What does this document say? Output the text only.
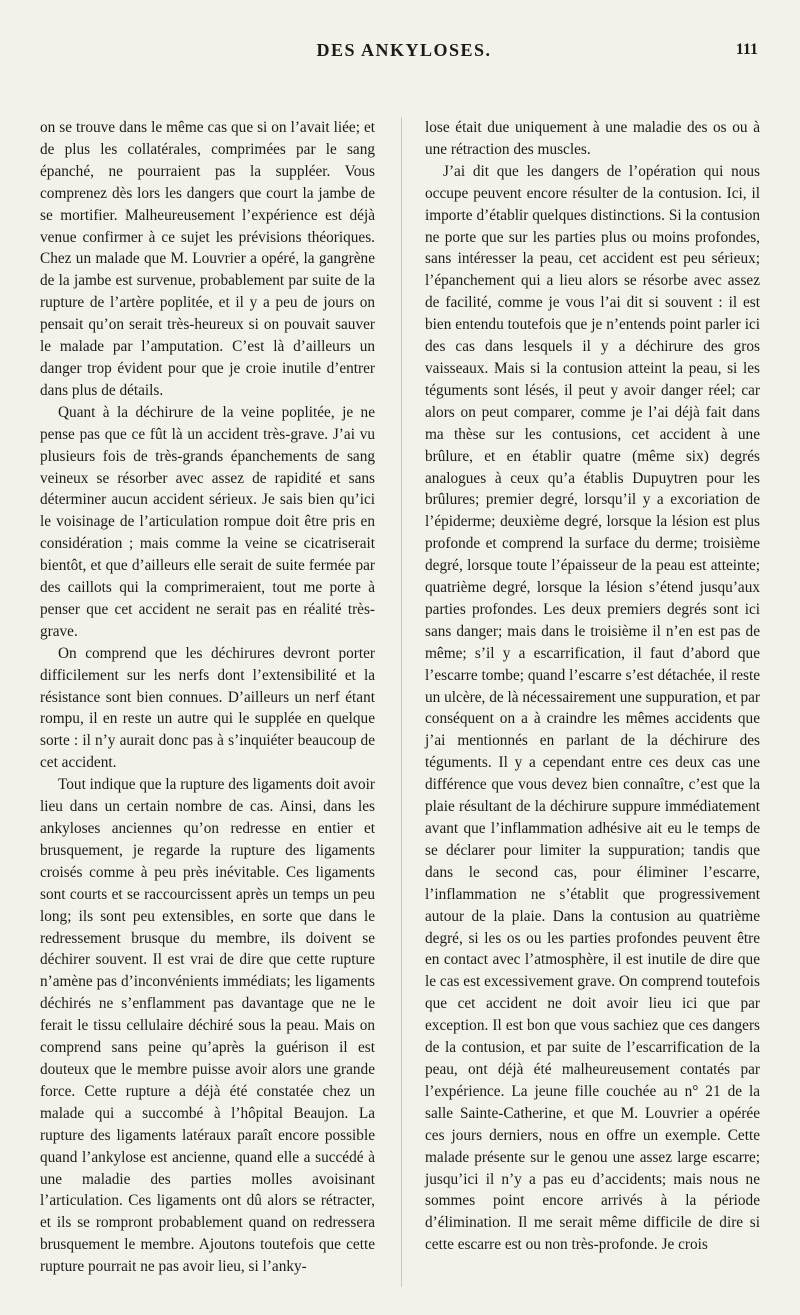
DES ANKYLOSES.	111

on se trouve dans le même cas que si on l’avait liée; et de plus les collatérales, comprimées par le sang épanché, ne pourraient pas la suppléer. Vous comprenez dès lors les dangers que court la jambe de se mortifier. Malheureusement l’expérience est déjà venue confirmer à ce sujet les prévisions théoriques. Chez un malade que M. Louvrier a opéré, la gangrène de la jambe est survenue, probablement par suite de la rupture de l’artère poplitée, et il y a peu de jours on pensait qu’on serait très-heureux si on pouvait sauver le malade par l’amputation. C’est là d’ailleurs un danger trop évident pour que je croie inutile d’entrer dans plus de détails.

Quant à la déchirure de la veine poplitée, je ne pense pas que ce fût là un accident très-grave. J’ai vu plusieurs fois de très-grands épanchements de sang veineux se résorber avec assez de rapidité et sans déterminer aucun accident sérieux. Je sais bien qu’ici le voisinage de l’articulation rompue doit être pris en considération ; mais comme la veine se cicatriserait bientôt, et que d’ailleurs elle serait de suite fermée par des caillots qui la comprimeraient, tout me porte à penser que cet accident ne serait pas en réalité très-grave.

On comprend que les déchirures devront porter difficilement sur les nerfs dont l’extensibilité et la résistance sont bien connues. D’ailleurs un nerf étant rompu, il en reste un autre qui le supplée en quelque sorte : il n’y aurait donc pas à s’inquiéter beaucoup de cet accident.

Tout indique que la rupture des ligaments doit avoir lieu dans un certain nombre de cas. Ainsi, dans les ankyloses anciennes qu’on redresse en entier et brusquement, je regarde la rupture des ligaments croisés comme à peu près inévitable. Ces ligaments sont courts et se raccourcissent après un temps un peu long; ils sont peu extensibles, en sorte que dans le redressement brusque du membre, ils doivent se déchirer souvent. Il est vrai de dire que cette rupture n’amène pas d’inconvénients immédiats; les ligaments déchirés ne s’enflamment pas davantage que ne le ferait le tissu cellulaire déchiré sous la peau. Mais on comprend sans peine qu’après la guérison il est douteux que le membre puisse avoir alors une grande force. Cette rupture a déjà été constatée chez un malade qui a succombé à l’hôpital Beaujon. La rupture des ligaments latéraux paraît encore possible quand l’ankylose est ancienne, quand elle a succédé à une maladie des parties molles avoisinant l’articulation. Ces ligaments ont dû alors se rétracter, et ils se rompront probablement quand on redressera brusquement le membre. Ajoutons toutefois que cette rupture pourrait ne pas avoir lieu, si l’anky-

lose était due uniquement à une maladie des os ou à une rétraction des muscles.

J’ai dit que les dangers de l’opération qui nous occupe peuvent encore résulter de la contusion. Ici, il importe d’établir quelques distinctions. Si la contusion ne porte que sur les parties plus ou moins profondes, sans intéresser la peau, cet accident est peu sérieux; l’épanchement qui a lieu alors se résorbe avec assez de facilité, comme je vous l’ai dit si souvent : il est bien entendu toutefois que je n’entends point parler ici des cas dans lesquels il y a déchirure des gros vaisseaux. Mais si la contusion atteint la peau, si les téguments sont lésés, il peut y avoir danger réel; car alors on peut comparer, comme je l’ai déjà fait dans ma thèse sur les contusions, cet accident à une brûlure, et en établir quatre (même six) degrés analogues à ceux qu’a établis Dupuytren pour les brûlures; premier degré, lorsqu’il y a excoriation de l’épiderme; deuxième degré, lorsque la lésion est plus profonde et comprend la surface du derme; troisième degré, lorsque toute l’épaisseur de la peau est atteinte; quatrième degré, lorsque la lésion s’étend jusqu’aux parties profondes. Les deux premiers degrés sont ici sans danger; mais dans le troisième il n’en est pas de même; s’il y a escarrification, il faut d’abord que l’escarre tombe; quand l’escarre s’est détachée, il reste un ulcère, de là nécessairement une suppuration, et par conséquent on a à craindre les mêmes accidents que j’ai mentionnés en parlant de la déchirure des téguments. Il y a cependant entre ces deux cas une différence que vous devez bien connaître, c’est que la plaie résultant de la déchirure suppure immédiatement avant que l’inflammation adhésive ait eu le temps de se déclarer pour limiter la suppuration; tandis que dans le second cas, pour éliminer l’escarre, l’inflammation ne s’établit que progressivement autour de la plaie. Dans la contusion au quatrième degré, si les os ou les parties profondes peuvent être en contact avec l’atmosphère, il est inutile de dire que le cas est excessivement grave. On comprend toutefois que cet accident ne doit avoir lieu ici que par exception. Il est bon que vous sachiez que ces dangers de la contusion, et par suite de l’escarrification de la peau, ont déjà été malheureusement contatés par l’expérience. La jeune fille couchée au n° 21 de la salle Sainte-Catherine, et que M. Louvrier a opérée ces jours derniers, nous en offre un exemple. Cette malade présente sur le genou une assez large escarre; jusqu’ici il n’y a pas eu d’accidents; mais nous ne sommes point encore arrivés à la période d’élimination. Il me serait même difficile de dire si cette escarre est ou non très-profonde. Je crois
